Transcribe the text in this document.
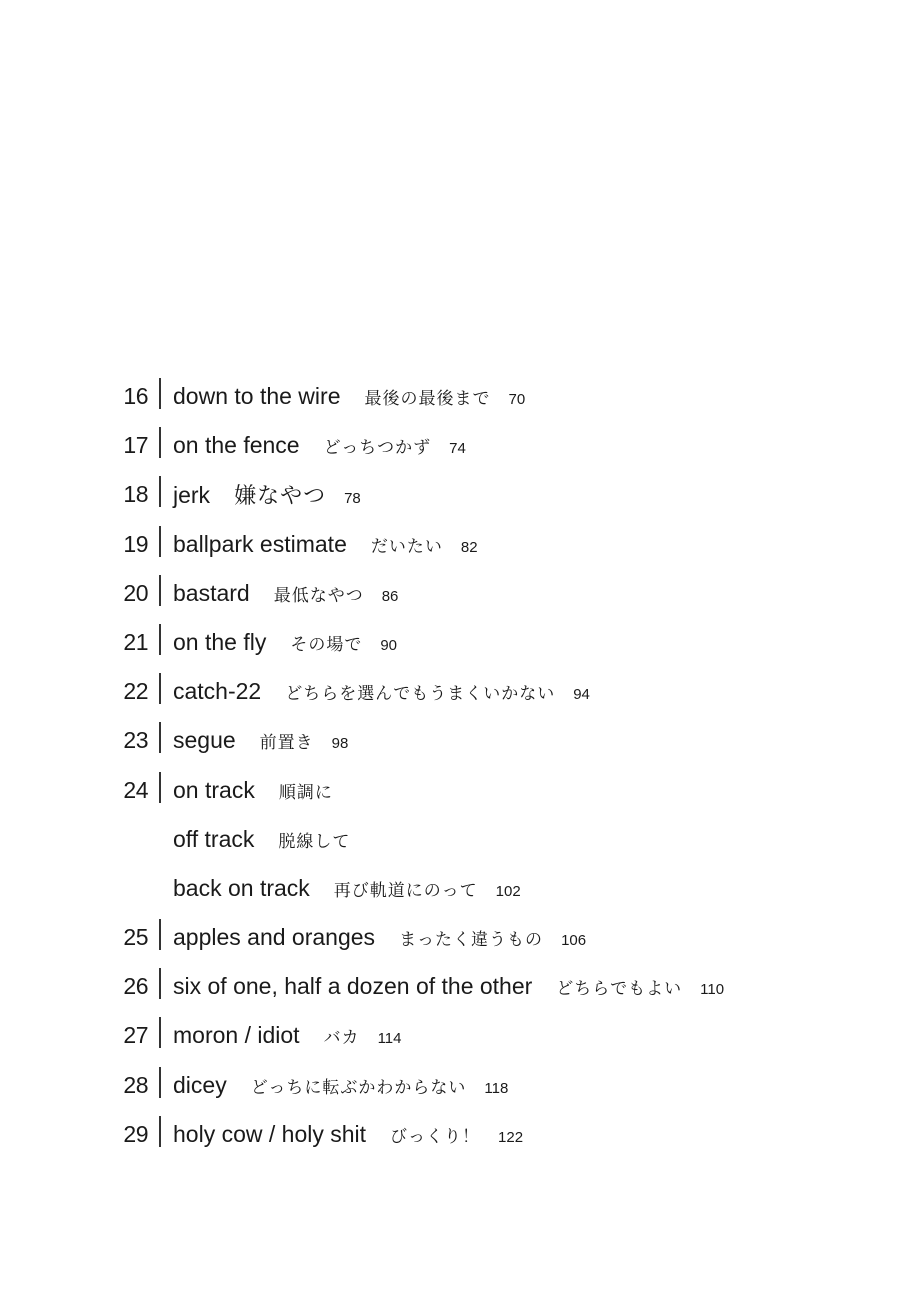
16 down to the wire 最後の最後まで 70
17 on the fence どっちつかず 74
18 jerk 嫌なやつ 78
19 ballpark estimate だいたい 82
20 bastard 最低なやつ 86
21 on the fly その場で 90
22 catch-22 どちらを選んでもうまくいかない 94
23 segue 前置き 98
24 on track 順調に
off track 脱線して
back on track 再び軌道にのって 102
25 apples and oranges まったく違うもの 106
26 six of one, half a dozen of the other どちらでもよい 110
27 moron / idiot バカ 114
28 dicey どっちに転ぶかわからない 118
29 holy cow / holy shit びっくり！ 122
